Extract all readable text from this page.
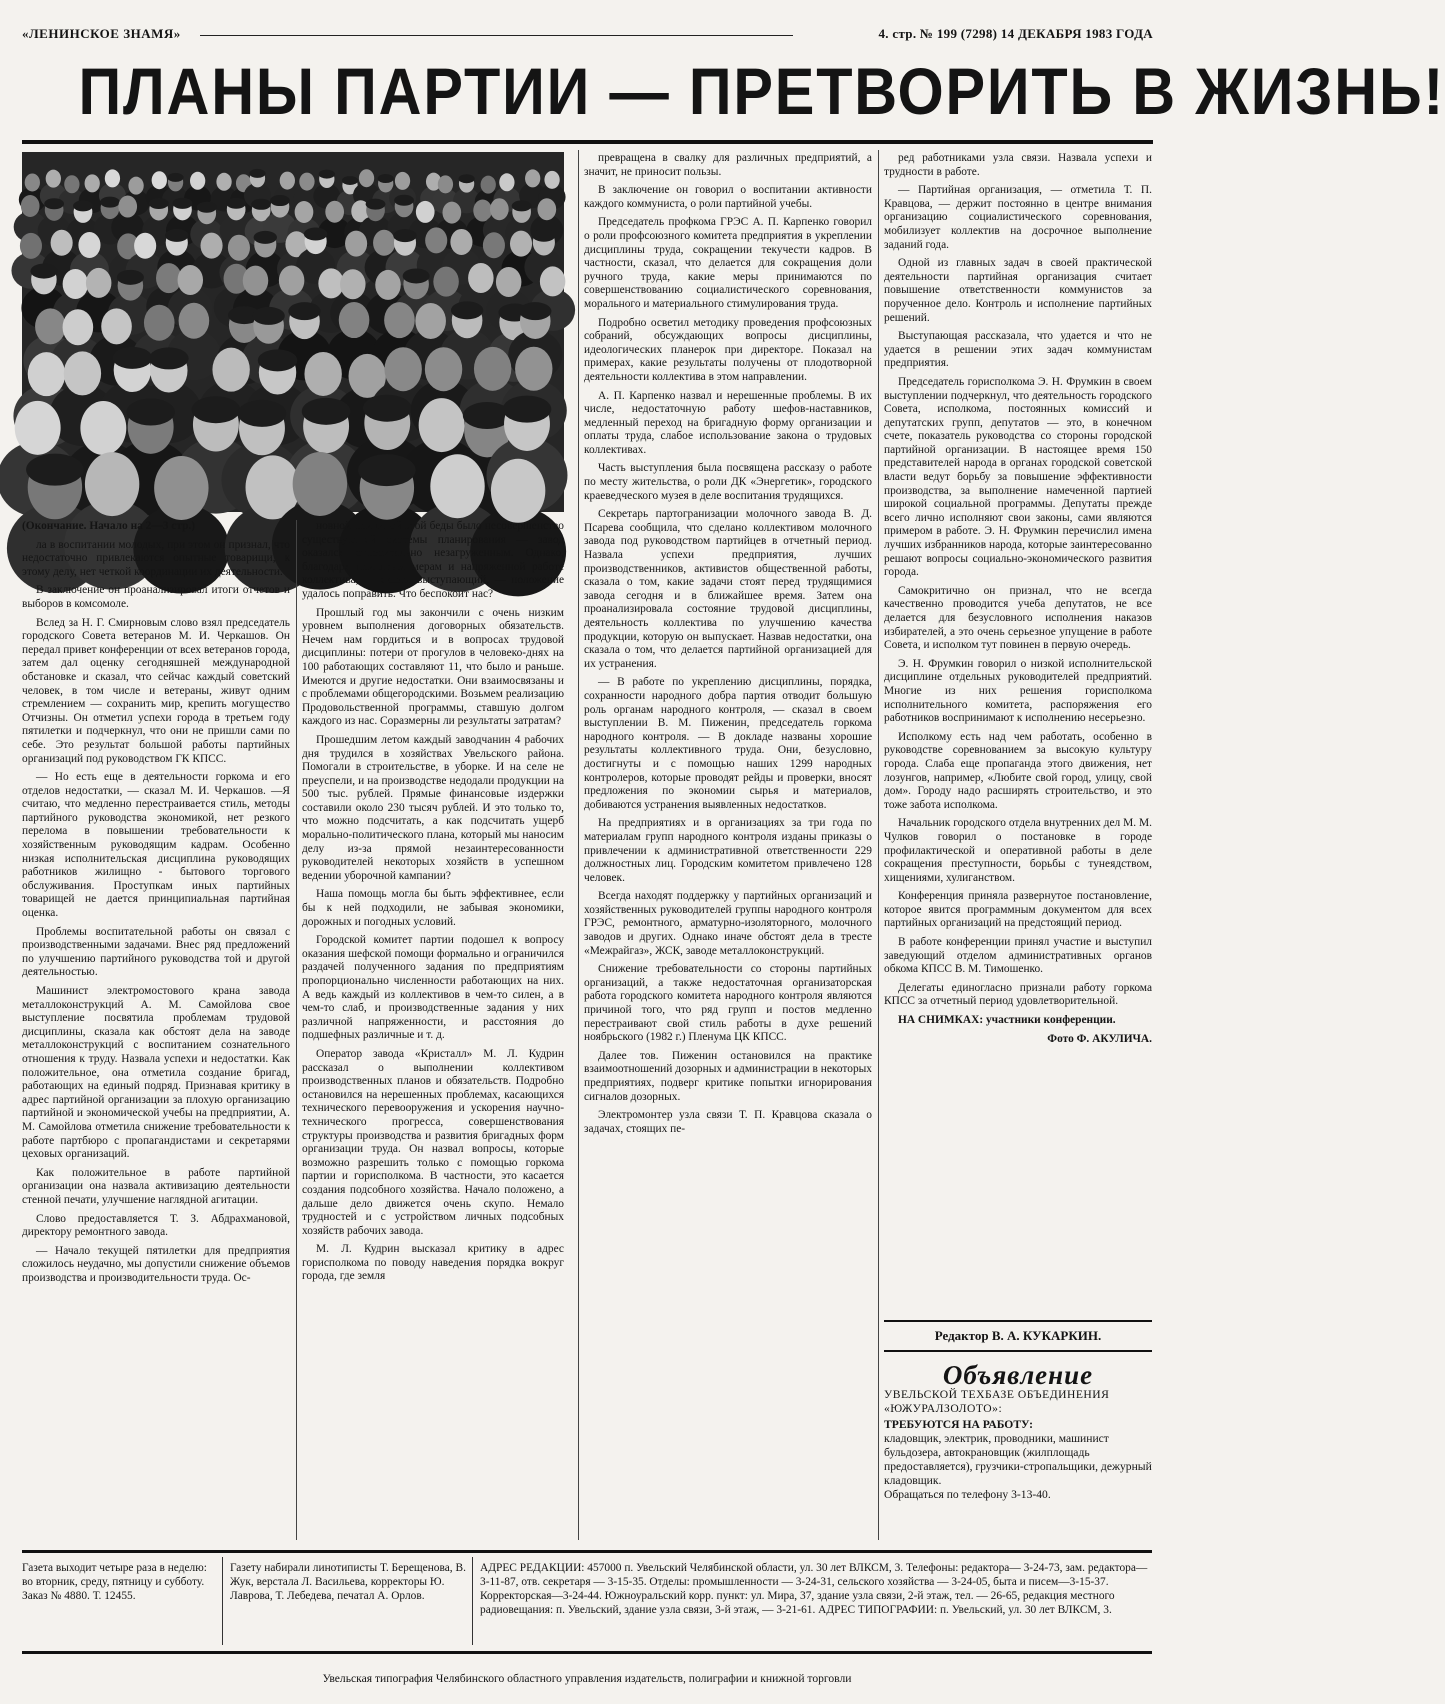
«ЛЕНИНСКОЕ ЗНАМЯ»	4. стр. № 199 (7298) 14 ДЕКАБРЯ 1983 ГОДА
ПЛАНЫ ПАРТИИ — ПРЕТВОРИТЬ В ЖИЗНЬ!

(Окончание. Начало на 2—3 стр.)

ла в воспитании молодых, при этом он признал, что недостаточно привлекаются опытные товарищи, к этому делу, нет четкой координации их деятельности.

В заключение он проанализировал итоги отчетов и выборов в комсомоле.

Вслед за Н. Г. Смирновым слово взял председатель городского Совета ветеранов М. И. Черкашов. Он передал привет конференции от всех ветеранов города, затем дал оценку сегодняшней международной обстановке и сказал, что сейчас каждый советский человек, в том числе и ветераны, живут одним стремлением — сохранить мир, крепить могущество Отчизны. Он отметил успехи города в третьем году пятилетки и подчеркнул, что они не пришли сами по себе. Это результат большой работы партийных организаций под руководством ГК КПСС.

— Но есть еще в деятельности горкома и его отделов недостатки, — сказал М. И. Черкашов. —Я считаю, что медленно перестраивается стиль, методы партийного руководства экономикой, нет резкого перелома в повышении требовательности к хозяйственным руководящим кадрам. Особенно низкая исполнительская дисциплина руководящих работников жилищно - бытового торгового обслуживания. Проступкам иных партийных товарищей не дается принципиальная партийная оценка.

Проблемы воспитательной работы он связал с производственными задачами. Внес ряд предложений по улучшению партийного руководства той и другой деятельностью.

Машинист электромостового крана завода металлоконструкций А. М. Самойлова свое выступление посвятила проблемам трудовой дисциплины, сказала как обстоят дела на заводе металлоконструкций с воспитанием сознательного отношения к труду. Назвала успехи и недостатки. Как положительное, она отметила создание бригад, работающих на единый подряд. Признавая критику в адрес партийной организации за плохую организацию партийной и экономической учебы на предприятии, А. М. Самойлова отметила снижение требовательности к работе партбюро с пропагандистами и секретарями цеховых организаций.

Как положительное в работе партийной организации она назвала активизацию деятельности стенной печати, улучшение наглядной агитации.

Слово предоставляется Т. З. Абдрахмановой, директору ремонтного завода.

— Начало текущей пятилетки для предприятия сложилось неудачно, мы допустили снижение объемов производства и производительности труда. Ос-

новной причиной этой беды было несовершенство существующей системы планирования — завод оказался относительно незагруженным. Однако, благодаря принятым мерам и напряженной работе коллектива, — сказал выступающий, — положение удалось поправить. Что беспокоит нас?

Прошлый год мы закончили с очень низким уровнем выполнения договорных обязательств. Нечем нам гордиться и в вопросах трудовой дисциплины: потери от прогулов в человеко-днях на 100 работающих составляют 11, что было и раньше. Имеются и другие недостатки. Они взаимосвязаны и с проблемами общегородскими. Возьмем реализацию Продовольственной программы, ставшую долгом каждого из нас. Соразмерны ли результаты затратам?

Прошедшим летом каждый заводчанин 4 рабочих дня трудился в хозяйствах Увельского района. Помогали в строительстве, в уборке. И на селе не преуспели, и на производстве недодали продукции на 500 тыс. рублей. Прямые финансовые издержки составили около 230 тысяч рублей. И это только то, что можно подсчитать, а как подсчитать ущерб морально-политического плана, который мы наносим делу из-за прямой незаинтересованности руководителей некоторых хозяйств в успешном ведении уборочной кампании?

Наша помощь могла бы быть эффективнее, если бы к ней подходили, не забывая экономики, дорожных и погодных условий.

Городской комитет партии подошел к вопросу оказания шефской помощи формально и ограничился раздачей полученного задания по предприятиям пропорционально численности работающих на них. А ведь каждый из коллективов в чем-то силен, а в чем-то слаб, и производственные задания у них различной напряженности, и расстояния до подшефных различные и т. д.

Оператор завода «Кристалл» М. Л. Кудрин рассказал о выполнении коллективом производственных планов и обязательств. Подробно остановился на нерешенных проблемах, касающихся технического перевооружения и ускорения научно-технического прогресса, совершенствования структуры производства и развития бригадных форм организации труда. Он назвал вопросы, которые возможно разрешить только с помощью горкома партии и горисполкома. В частности, это касается создания подсобного хозяйства. Начало положено, а дальше дело движется очень скупо. Немало трудностей и с устройством личных подсобных хозяйств рабочих завода.

М. Л. Кудрин высказал критику в адрес горисполкома по поводу наведения порядка вокруг города, где земля

превращена в свалку для различных предприятий, а значит, не приносит пользы.

В заключение он говорил о воспитании активности каждого коммуниста, о роли партийной учебы.

Председатель профкома ГРЭС А. П. Карпенко говорил о роли профсоюзного комитета предприятия в укреплении дисциплины труда, сокращении текучести кадров. В частности, сказал, что делается для сокращения доли ручного труда, какие меры принимаются по совершенствованию социалистического соревнования, морального и материального стимулирования труда.

Подробно осветил методику проведения профсоюзных собраний, обсуждающих вопросы дисциплины, идеологических планерок при директоре. Показал на примерах, какие результаты получены от плодотворной деятельности коллектива в этом направлении.

А. П. Карпенко назвал и нерешенные проблемы. В их числе, недостаточную работу шефов-наставников, медленный переход на бригадную форму организации и оплаты труда, слабое использование закона о трудовых коллективах.

Часть выступления была посвящена рассказу о работе по месту жительства, о роли ДК «Энергетик», городского краеведческого музея в деле воспитания трудящихся.

Секретарь партогранизации молочного завода В. Д. Псарева сообщила, что сделано коллективом молочного завода под руководством партийцев в отчетный период. Назвала успехи предприятия, лучших производственников, активистов общественной работы, сказала о том, какие задачи стоят перед трудящимися завода сегодня и в ближайшее время. Затем она проанализировала состояние трудовой дисциплины, деятельность коллектива по улучшению качества продукции, которую он выпускает. Назвав недостатки, она сказала о том, что делается партийной организацией для их устранения.

— В работе по укреплению дисциплины, порядка, сохранности народного добра партия отводит большую роль органам народного контроля, — сказал в своем выступлении В. М. Пиженин, председатель горкома народного контроля. — В докладе названы хорошие результаты коллективного труда. Они, безусловно, достигнуты и с помощью наших 1299 народных контролеров, которые проводят рейды и проверки, вносят предложения по экономии сырья и материалов, добиваются устранения выявленных недостатков.

На предприятиях и в организациях за три года по материалам групп народного контроля изданы приказы о привлечении к административной ответственности 229 должностных лиц. Городским комитетом привлечено 128 человек.

Всегда находят поддержку у партийных организаций и хозяйственных руководителей группы народного контроля ГРЭС, ремонтного, арматурно-изоляторного, молочного заводов и других. Однако иначе обстоят дела в тресте «Межрайгаз», ЖСК, заводе металлоконструкций.

Снижение требовательности со стороны партийных организаций, а также недостаточная организаторская работа городского комитета народного контроля являются причиной того, что ряд групп и постов медленно перестраивают свой стиль работы в духе решений ноябрьского (1982 г.) Пленума ЦК КПСС.

Далее тов. Пиженин остановился на практике взаимоотношений дозорных и администрации в некоторых предприятиях, подверг критике попытки игнорирования сигналов дозорных.

Электромонтер узла связи Т. П. Кравцова сказала о задачах, стоящих пе-

ред работниками узла связи. Назвала успехи и трудности в работе.

— Партийная организация, — отметила Т. П. Кравцова, — держит постоянно в центре внимания организацию социалистического соревнования, мобилизует коллектив на досрочное выполнение заданий года.

Одной из главных задач в своей практической деятельности партийная организация считает повышение ответственности коммунистов за порученное дело. Контроль и исполнение партийных решений.

Выступающая рассказала, что удается и что не удается в решении этих задач коммунистам предприятия.

Председатель горисполкома Э. Н. Фрумкин в своем выступлении подчеркнул, что деятельность городского Совета, исполкома, постоянных комиссий и депутатских групп, депутатов — это, в конечном счете, показатель руководства со стороны городской партийной организации. В настоящее время 150 представителей народа в органах городской советской власти ведут борьбу за повышение эффективности производства, за выполнение намеченной партией широкой социальной программы. Депутаты прежде всего лично исполняют свои законы, сами являются примером в работе. Э. Н. Фрумкин перечислил имена лучших избранников народа, которые заинтересованно решают вопросы социально-экономического развития города.

Самокритично он признал, что не всегда качественно проводится учеба депутатов, не все делается для безусловного исполнения наказов избирателей, а это очень серьезное упущение в работе Совета, и исполком тут повинен в первую очередь.

Э. Н. Фрумкин говорил о низкой исполнительской дисциплине отдельных руководителей предприятий. Многие из них решения горисполкома исполнительного комитета, распоряжения его работников воспринимают к исполнению несерьезно.

Исполкому есть над чем работать, особенно в руководстве соревнованием за высокую культуру города. Слаба еще пропаганда этого движения, нет лозунгов, например, «Любите свой город, улицу, свой дом». Городу надо расширять строительство, и это тоже забота исполкома.

Начальник городского отдела внутренних дел М. М. Чулков говорил о постановке в городе профилактической и оперативной работы в деле сокращения преступности, борьбы с тунеядством, хищениями, хулиганством.

Конференция приняла развернутое постановление, которое явится программным документом для всех партийных организаций на предстоящий период.

В работе конференции принял участие и выступил заведующий отделом административных органов обкома КПСС В. М. Тимошенко.

Делегаты единогласно признали работу горкома КПСС за отчетный период удовлетворительной.

НА СНИМКАХ: участники конференции.

Фото Ф. АКУЛИЧА.

Редактор В. А. КУКАРКИН.
Объявление
УВЕЛЬСКОЙ ТЕХБАЗЕ ОБЪЕДИНЕНИЯ «ЮЖУРАЛЗОЛОТО»:
ТРЕБУЮТСЯ НА РАБОТУ:
кладовщик, электрик, проводники, машинист бульдозера, автокрановщик (жилплощадь предоставляется), грузчики-стропальщики, дежурный кладовщик.
Обращаться по телефону 3-13-40.
Газета выходит четыре раза в неделю: во вторник, среду, пятницу и субботу. Заказ № 4880. Т. 12455.
Газету набирали линотиписты Т. Берещенова, В. Жук, верстала Л. Васильева, корректоры Ю. Лаврова, Т. Лебедева, печатал А. Орлов.
АДРЕС РЕДАКЦИИ: 457000 п. Увельский Челябинской области, ул. 30 лет ВЛКСМ, 3. Телефоны: редактора— 3-24-73, зам. редактора— 3-11-87, отв. секретаря — 3-15-35. Отделы: промышленности — 3-24-31, сельского хозяйства — 3-24-05, быта и писем—3-15-37. Корректорская—3-24-44. Южноуральский корр. пункт: ул. Мира, 37, здание узла связи, 2-й этаж, тел. — 26-65, редакция местного радиовещания: п. Увельский, здание узла связи, 3-й этаж, — 3-21-61. АДРЕС ТИПОГРАФИИ: п. Увельский, ул. 30 лет ВЛКСМ, 3.
Увельская типография Челябинского областного управления издательств, полиграфии и книжной торговли
